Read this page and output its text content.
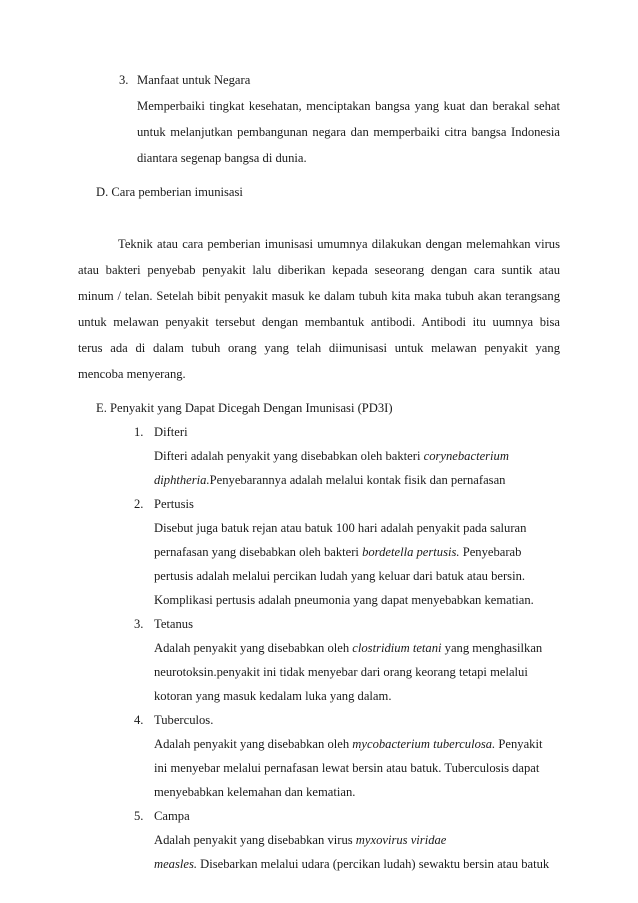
3. Manfaat untuk Negara
Memperbaiki tingkat kesehatan, menciptakan bangsa yang kuat dan berakal sehat
untuk melanjutkan pembangunan negara dan memperbaiki citra bangsa Indonesia
diantara segenap bangsa di dunia.
D. Cara pemberian imunisasi
Teknik atau cara pemberian imunisasi umumnya dilakukan dengan melemahkan virus
atau bakteri penyebab penyakit lalu diberikan kepada seseorang dengan cara suntik atau
minum / telan. Setelah bibit penyakit masuk ke dalam tubuh kita maka tubuh akan terangsang
untuk melawan penyakit tersebut dengan membantuk antibodi. Antibodi itu uumnya bisa
terus ada di dalam tubuh orang yang telah diimunisasi untuk melawan penyakit yang
mencoba menyerang.
E. Penyakit yang Dapat Dicegah Dengan Imunisasi (PD3I)
1. Difteri
Difteri adalah penyakit yang disebabkan oleh bakteri corynebacterium
diphtheria.Penyebarannya adalah melalui kontak fisik dan pernafasan
2. Pertusis
Disebut juga batuk rejan atau batuk 100 hari adalah penyakit pada saluran
pernafasan yang disebabkan oleh bakteri bordetella pertusis. Penyebarab
pertusis adalah melalui percikan ludah yang keluar dari batuk atau bersin.
Komplikasi pertusis adalah pneumonia yang dapat menyebabkan kematian.
3. Tetanus
Adalah penyakit yang disebabkan oleh clostridium tetani yang menghasilkan
neurotoksin.penyakit ini tidak menyebar dari orang keorang tetapi melalui
kotoran yang masuk kedalam luka yang dalam.
4. Tuberculos.
Adalah penyakit yang disebabkan oleh mycobacterium tuberculosa. Penyakit
ini menyebar melalui pernafasan lewat bersin atau batuk. Tuberculosis dapat
menyebabkan kelemahan dan kematian.
5. Campa
Adalah penyakit yang disebabkan virus myxovirus viridae
measles. Disebarkan melalui udara (percikan ludah) sewaktu bersin atau batuk
